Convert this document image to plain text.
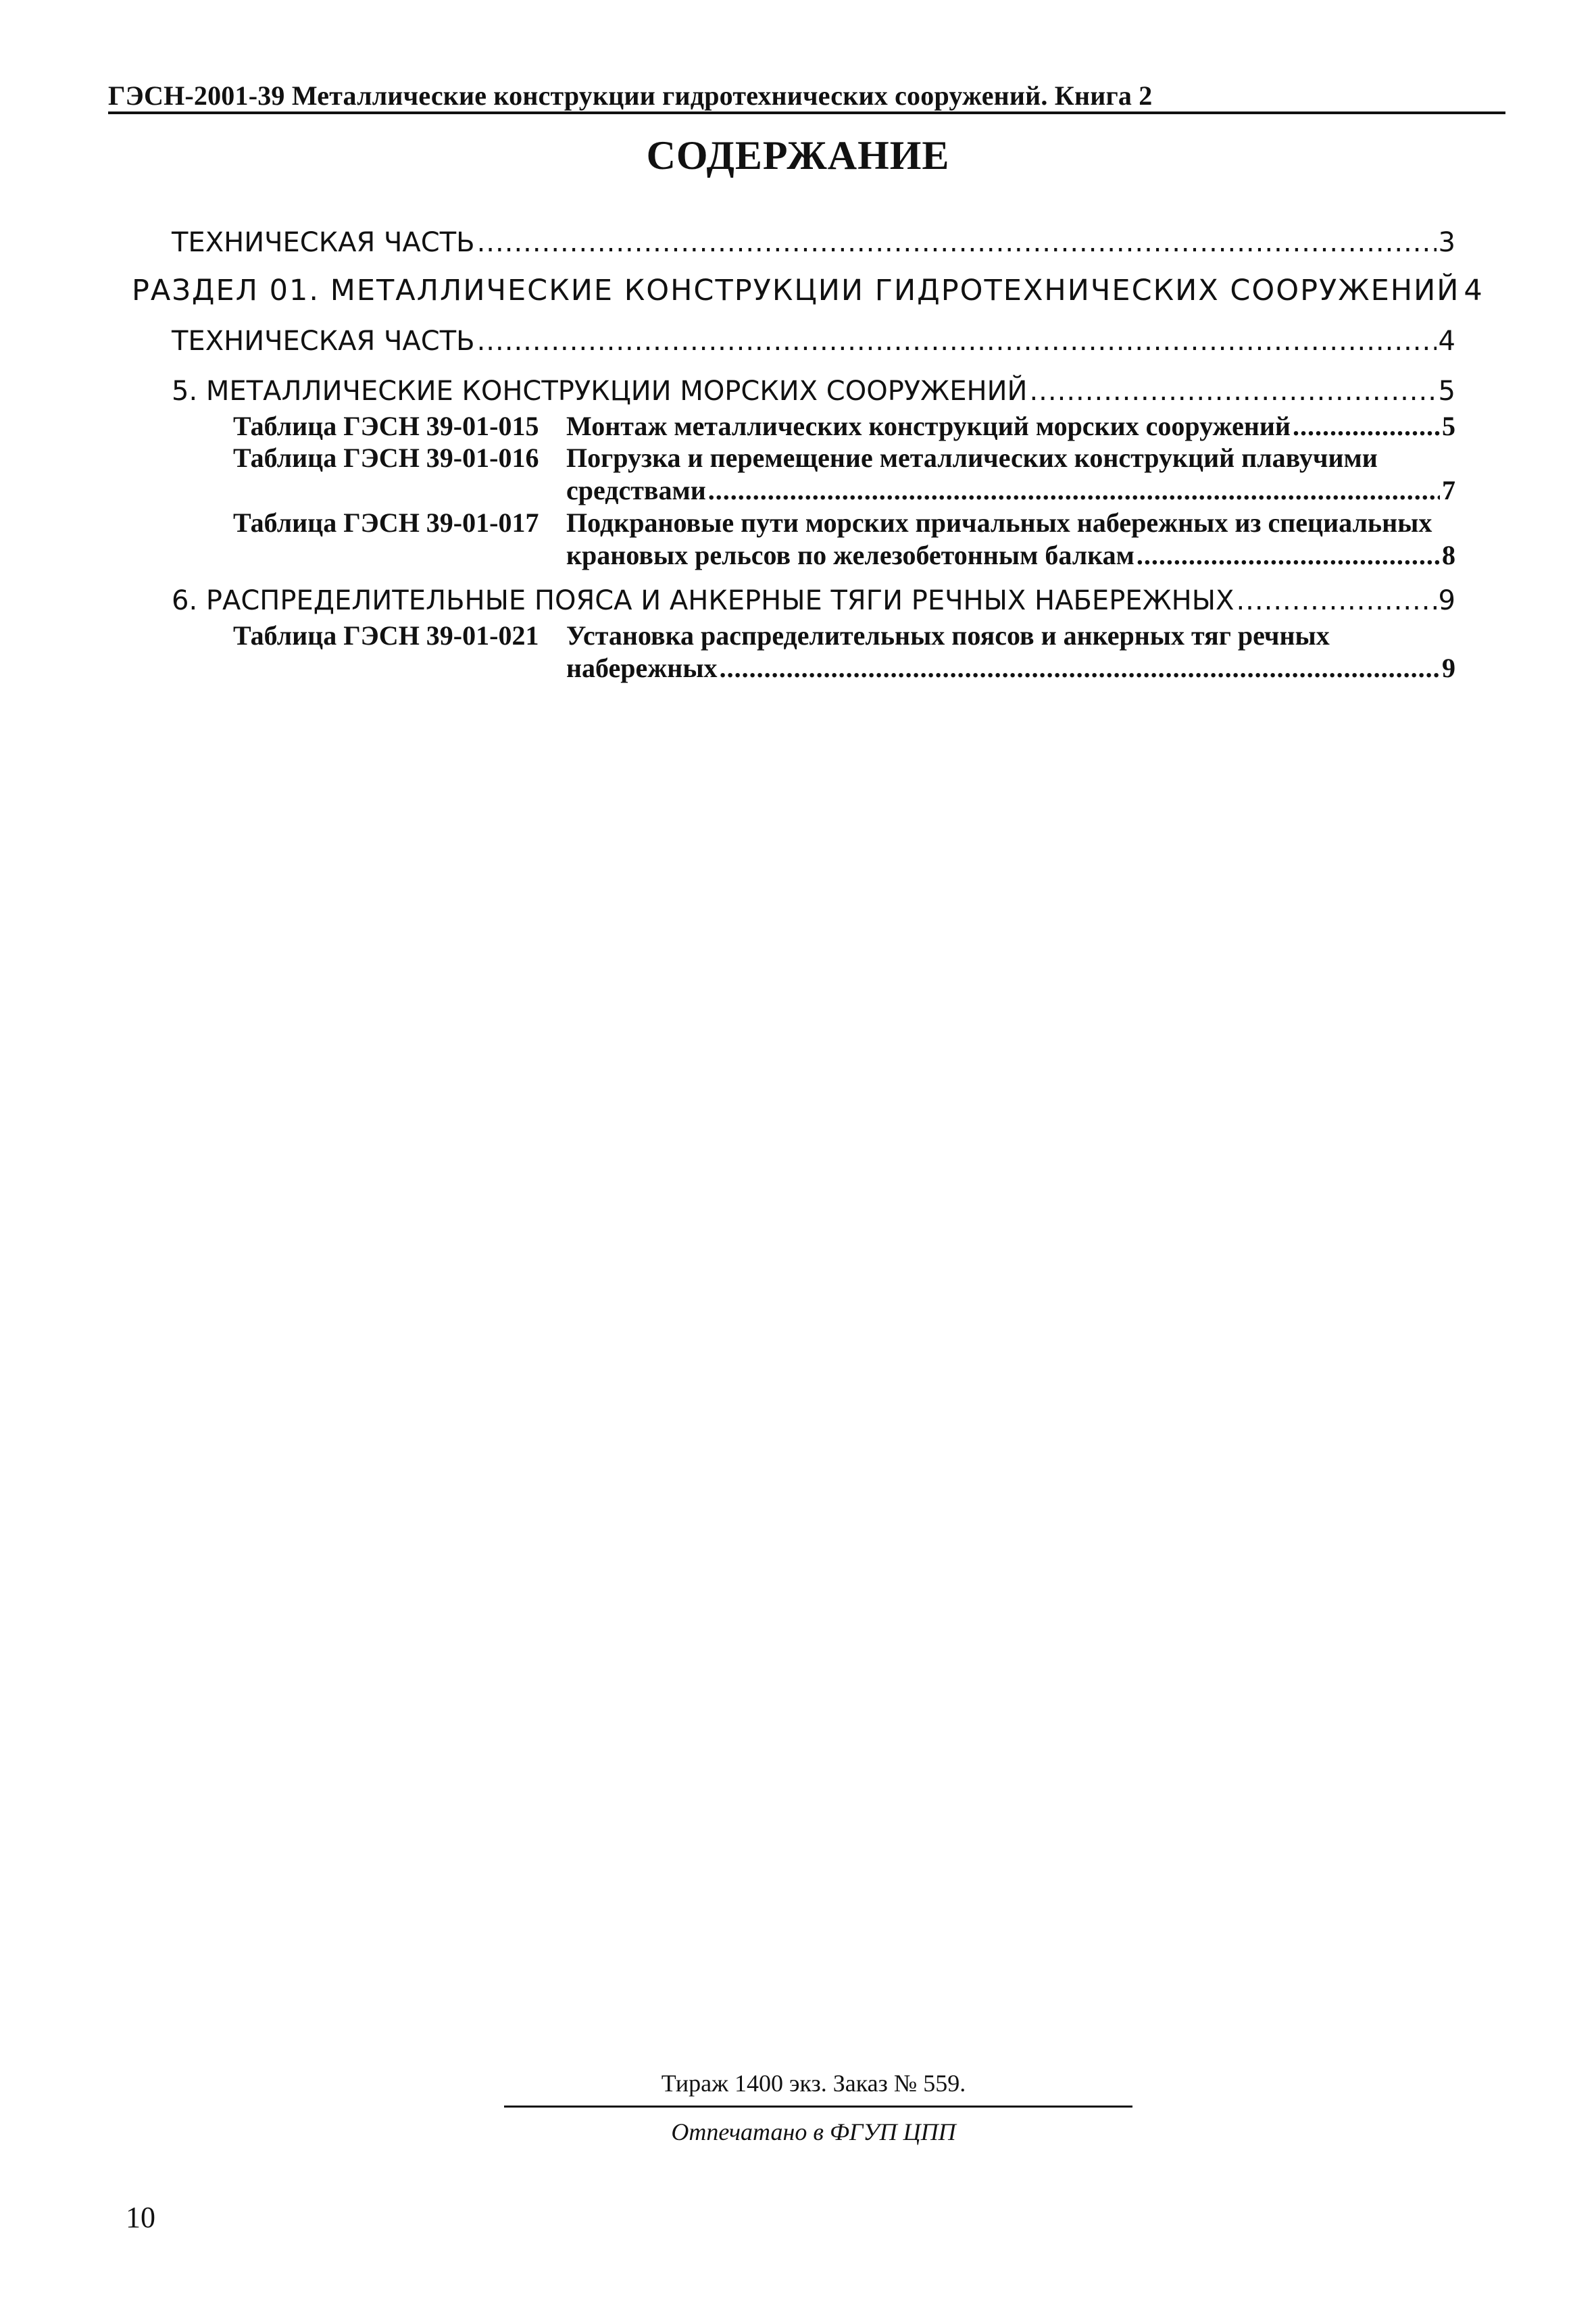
ГЭСН-2001-39 Металлические конструкции гидротехнических сооружений. Книга 2
СОДЕРЖАНИЕ
ТЕХНИЧЕСКАЯ ЧАСТЬ .....	3
РАЗДЕЛ 01. МЕТАЛЛИЧЕСКИЕ КОНСТРУКЦИИ ГИДРОТЕХНИЧЕСКИХ СООРУЖЕНИЙ 4
ТЕХНИЧЕСКАЯ ЧАСТЬ .....	4
5. МЕТАЛЛИЧЕСКИЕ КОНСТРУКЦИИ МОРСКИХ СООРУЖЕНИЙ .....	5
Таблица ГЭСН 39-01-015 Монтаж металлических конструкций морских сооружений .....	5
Таблица ГЭСН 39-01-016 Погрузка и перемещение металлических конструкций плавучими
средствами .....	7
Таблица ГЭСН 39-01-017 Подкрановые пути морских причальных набережных из специальных
крановых рельсов по железобетонным балкам .....	8
6. РАСПРЕДЕЛИТЕЛЬНЫЕ ПОЯСА И АНКЕРНЫЕ ТЯГИ РЕЧНЫХ НАБЕРЕЖНЫХ .....	9
Таблица ГЭСН 39-01-021 Установка распределительных поясов и анкерных тяг речных
набережных .....	9
Тираж 1400 экз. Заказ № 559.
Отпечатано в ФГУП ЦПП
10
